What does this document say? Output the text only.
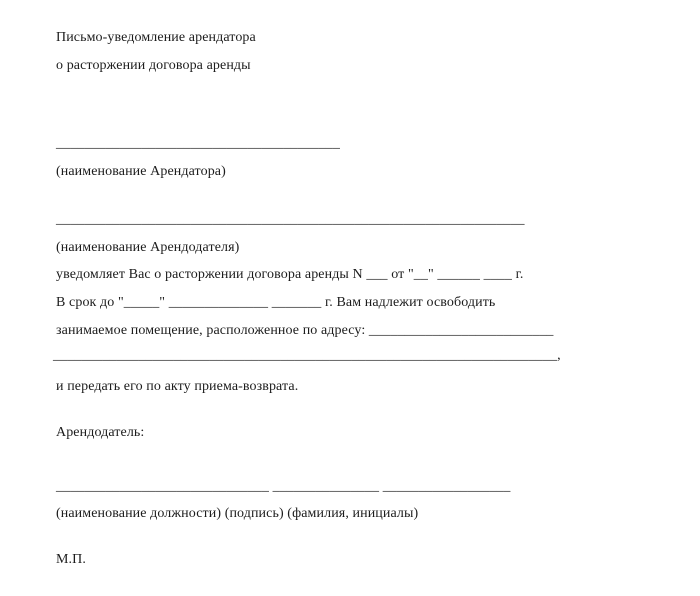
Письмо-уведомление арендатора
о расторжении договора аренды
________________________________________
(наименование Арендатора)
__________________________________________________________________
(наименование Арендодателя)
уведомляет Вас о расторжении договора аренды N ___ от "__" ______ ____ г.
В срок до "_____" ______________ _______ г. Вам надлежит освободить
занимаемое помещение, расположенное по адресу: __________________________
_______________________________________________________________________,
и передать его по акту приема-возврата.
Арендодатель:
______________________________ _______________ __________________
(наименование должности) (подпись) (фамилия, инициалы)
М.П.
